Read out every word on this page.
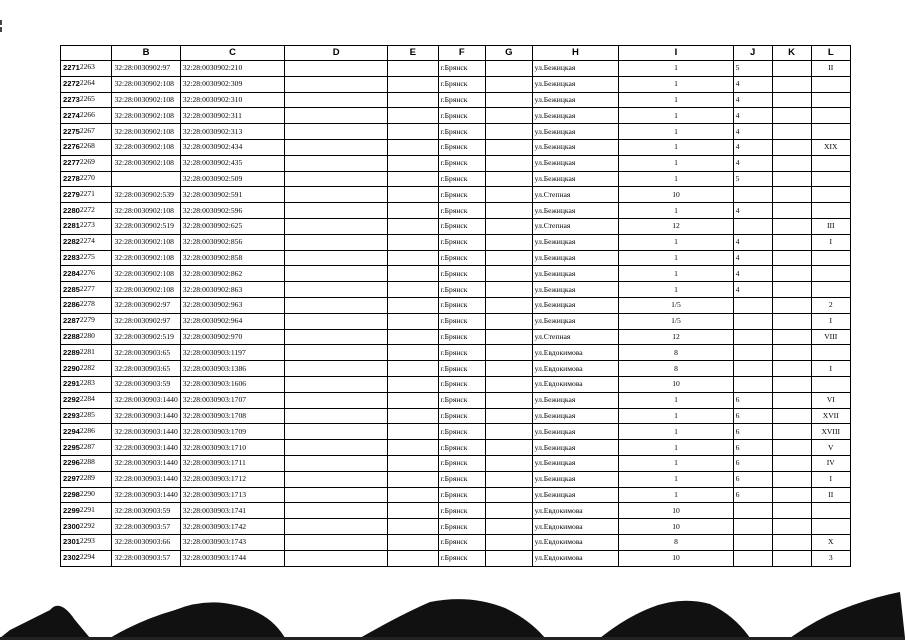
	B	C	D	E	F	G	H	I	J	K	L
$2271^{2263}$	32:28:0030902:97	32:28:0030902:210			г.Брянск		ул.Бежицкая	1	5		II
$2272^{2264}$	32:28:0030902:108	32:28:0030902:309			г.Брянск		ул.Бежицкая	1	4		
$2273^{2265}$	32:28:0030902:108	32:28:0030902:310			г.Брянск		ул.Бежицкая	1	4		
$2274^{2266}$	32:28:0030902:108	32:28:0030902:311			г.Брянск		ул.Бежицкая	1	4		
$2275^{2267}$	32:28:0030902:108	32:28:0030902:313			г.Брянск		ул.Бежицкая	1	4		
$2276^{2268}$	32:28:0030902:108	32:28:0030902:434			г.Брянск		ул.Бежицкая	1	4		XIX
$2277^{2269}$	32:28:0030902:108	32:28:0030902:435			г.Брянск		ул.Бежицкая	1	4		
$2278^{2270}$		32:28:0030902:509			г.Брянск		ул.Бежицкая	1	5		
$2279^{2271}$	32:28:0030902:539	32:28:0030902:591			г.Брянск		ул.Степная	10			
$2280^{2272}$	32:28:0030902:108	32:28:0030902:596			г.Брянск		ул.Бежицкая	1	4		
$2281^{2273}$	32:28:0030902:519	32:28:0030902:625			г.Брянск		ул.Степная	12			III
$2282^{2274}$	32:28:0030902:108	32:28:0030902:856			г.Брянск		ул.Бежицкая	1	4		I
$2283^{2275}$	32:28:0030902:108	32:28:0030902:858			г.Брянск		ул.Бежицкая	1	4		
$2284^{2276}$	32:28:0030902:108	32:28:0030902:862			г.Брянск		ул.Бежицкая	1	4		
$2285^{2277}$	32:28:0030902:108	32:28:0030902:863			г.Брянск		ул.Бежицкая	1	4		
$2286^{2278}$	32:28:0030902:97	32:28:0030902:963			г.Брянск		ул.Бежицкая	1/5			2
$2287^{2279}$	32:28:0030902:97	32:28:0030902:964			г.Брянск		ул.Бежицкая	1/5			I
$2288^{2280}$	32:28:0030902:519	32:28:0030902:970			г.Брянск		ул.Степная	12			VIII
$2289^{2281}$	32:28:0030903:65	32:28:0030903:1197			г.Брянск		ул.Евдокимова	8			
$2290^{2282}$	32:28:0030903:65	32:28:0030903:1386			г.Брянск		ул.Евдокимова	8			I
$2291^{2283}$	32:28:0030903:59	32:28:0030903:1606			г.Брянск		ул.Евдокимова	10			
$2292^{2284}$	32:28:0030903:1440	32:28:0030903:1707			г.Брянск		ул.Бежицкая	1	6		VI
$2293^{2285}$	32:28:0030903:1440	32:28:0030903:1708			г.Брянск		ул.Бежицкая	1	6		XVII
$2294^{2286}$	32:28:0030903:1440	32:28:0030903:1709			г.Брянск		ул.Бежицкая	1	6		XVIII
$2295^{2287}$	32:28:0030903:1440	32:28:0030903:1710			г.Брянск		ул.Бежицкая	1	6		V
$2296^{2288}$	32:28:0030903:1440	32:28:0030903:1711			г.Брянск		ул.Бежицкая	1	6		IV
$2297^{2289}$	32:28:0030903:1440	32:28:0030903:1712			г.Брянск		ул.Бежицкая	1	6		I
$2298^{2290}$	32:28:0030903:1440	32:28:0030903:1713			г.Брянск		ул.Бежицкая	1	6		II
$2299^{2291}$	32:28:0030903:59	32:28:0030903:1741			г.Брянск		ул.Евдокимова	10			
$2300^{2292}$	32:28:0030903:57	32:28:0030903:1742			г.Брянск		ул.Евдокимова	10			
$2301^{2293}$	32:28:0030903:66	32:28:0030903:1743			г.Брянск		ул.Евдокимова	8			X
$2302^{2294}$	32:28:0030903:57	32:28:0030903:1744			г.Брянск		ул.Евдокимова	10			3
